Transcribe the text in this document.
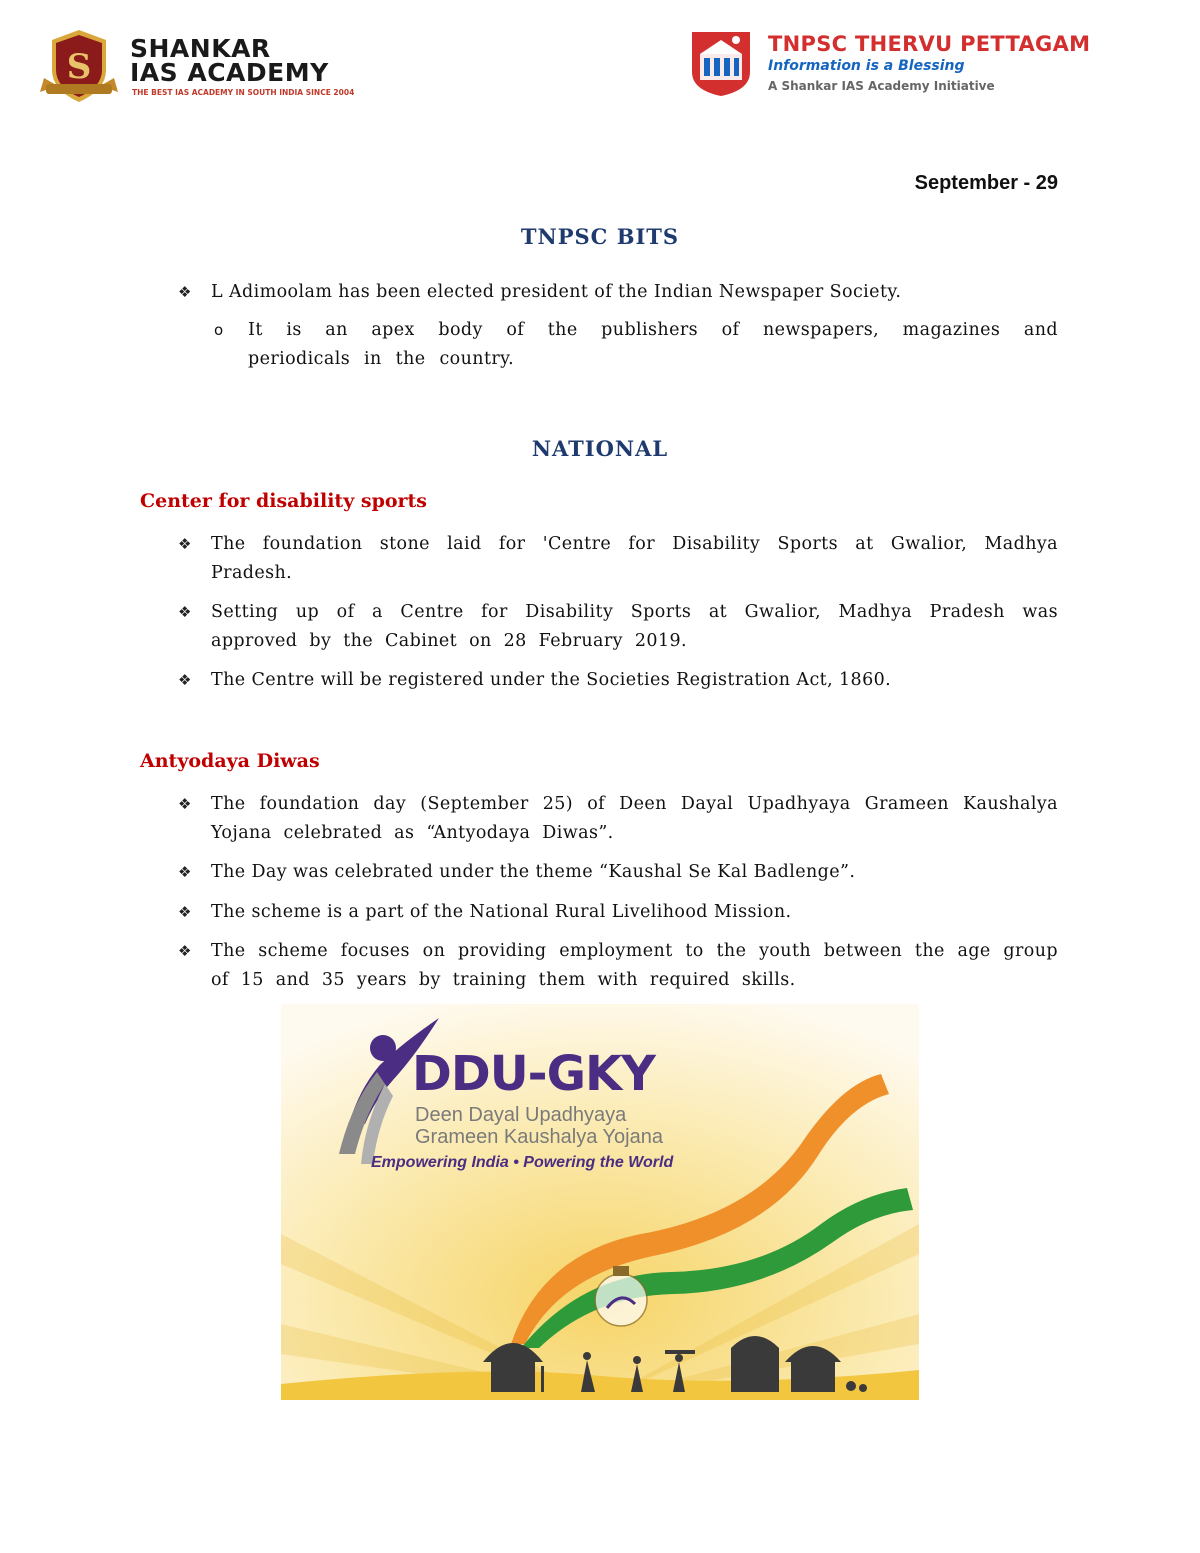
S SHANKAR
IAS ACADEMY
THE BEST IAS ACADEMY IN SOUTH INDIA SINCE 2004
TNPSC THERVU PETTAGAM
Information is a Blessing
A Shankar IAS Academy Initiative
September - 29
TNPSC BITS
❖ L Adimoolam has been elected president of the Indian Newspaper Society.
o It is an apex body of the publishers of newspapers, magazines and periodicals in the country.
NATIONAL
Center for disability sports
❖ The foundation stone laid for 'Centre for Disability Sports at Gwalior, Madhya Pradesh.
❖ Setting up of a Centre for Disability Sports at Gwalior, Madhya Pradesh was approved by the Cabinet on 28 February 2019.
❖ The Centre will be registered under the Societies Registration Act, 1860.
Antyodaya Diwas
❖ The foundation day (September 25) of Deen Dayal Upadhyaya Grameen Kaushalya Yojana celebrated as “Antyodaya Diwas”.
❖ The Day was celebrated under the theme “Kaushal Se Kal Badlenge”.
❖ The scheme is a part of the National Rural Livelihood Mission.
❖ The scheme focuses on providing employment to the youth between the age group of 15 and 35 years by training them with required skills.
DDU-GKY
Deen Dayal Upadhyaya
Grameen Kaushalya Yojana
Empowering India • Powering the World
